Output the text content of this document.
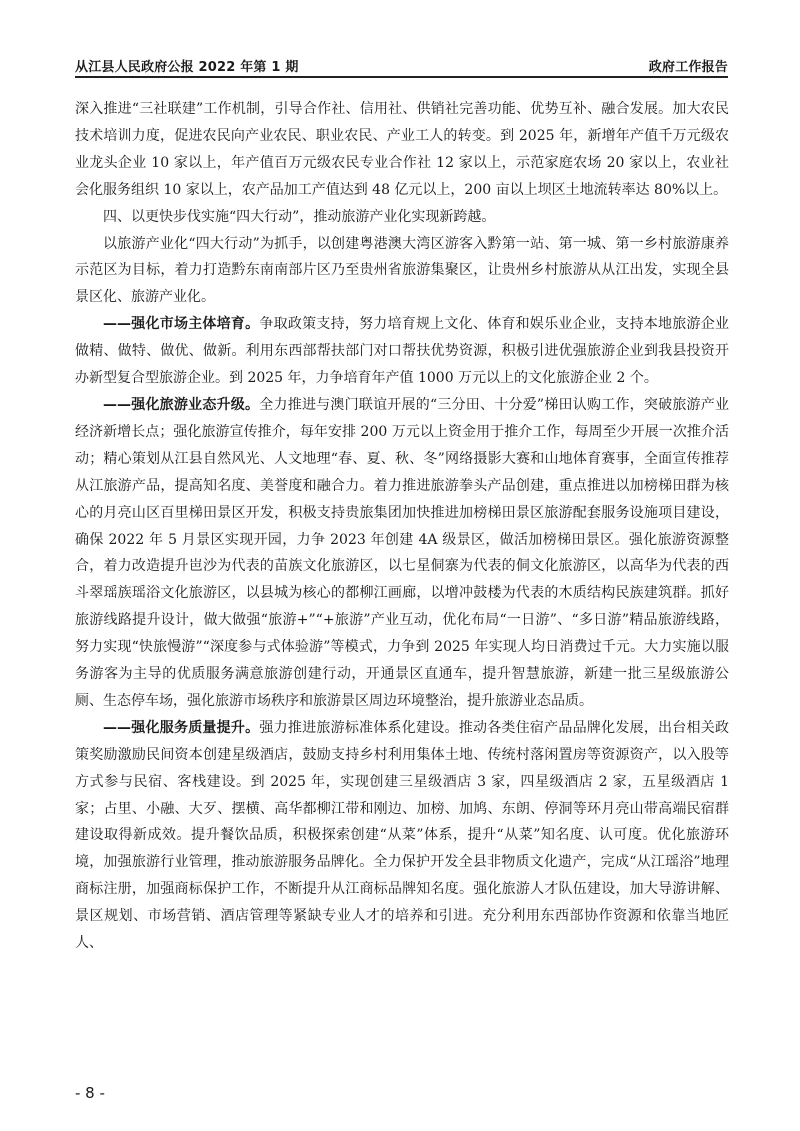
从江县人民政府公报 2022 年第 1 期	政府工作报告

深入推进“三社联建”工作机制，引导合作社、信用社、供销社完善功能、优势互补、融合发展。加大农民技术培训力度，促进农民向产业农民、职业农民、产业工人的转变。到 2025 年，新增年产值千万元级农业龙头企业 10 家以上，年产值百万元级农民专业合作社 12 家以上，示范家庭农场 20 家以上，农业社会化服务组织 10 家以上，农产品加工产值达到 48 亿元以上，200 亩以上坝区土地流转率达 80%以上。

四、以更快步伐实施“四大行动”，推动旅游产业化实现新跨越。

以旅游产业化“四大行动”为抓手，以创建粤港澳大湾区游客入黔第一站、第一城、第一乡村旅游康养示范区为目标，着力打造黔东南南部片区乃至贵州省旅游集聚区，让贵州乡村旅游从从江出发，实现全县景区化、旅游产业化。

——强化市场主体培育。争取政策支持，努力培育规上文化、体育和娱乐业企业，支持本地旅游企业做精、做特、做优、做新。利用东西部帮扶部门对口帮扶优势资源，积极引进优强旅游企业到我县投资开办新型复合型旅游企业。到 2025 年，力争培育年产值 1000 万元以上的文化旅游企业 2 个。

——强化旅游业态升级。全力推进与澳门联谊开展的“三分田、十分爱”梯田认购工作，突破旅游产业经济新增长点；强化旅游宣传推介，每年安排 200 万元以上资金用于推介工作，每周至少开展一次推介活动；精心策划从江县自然风光、人文地理“春、夏、秋、冬”网络摄影大赛和山地体育赛事，全面宣传推荐从江旅游产品，提高知名度、美誉度和融合力。着力推进旅游拳头产品创建，重点推进以加榜梯田群为核心的月亮山区百里梯田景区开发，积极支持贵旅集团加快推进加榜梯田景区旅游配套服务设施项目建设，确保 2022 年 5 月景区实现开园，力争 2023 年创建 4A 级景区，做活加榜梯田景区。强化旅游资源整合，着力改造提升岜沙为代表的苗族文化旅游区，以七星侗寨为代表的侗文化旅游区，以高华为代表的西斗翠瑶族瑶浴文化旅游区，以县城为核心的都柳江画廊，以增冲鼓楼为代表的木质结构民族建筑群。抓好旅游线路提升设计，做大做强“旅游+”“+旅游”产业互动，优化布局“一日游”、“多日游”精品旅游线路，努力实现“快旅慢游”“深度参与式体验游”等模式，力争到 2025 年实现人均日消费过千元。大力实施以服务游客为主导的优质服务满意旅游创建行动，开通景区直通车，提升智慧旅游，新建一批三星级旅游公厕、生态停车场，强化旅游市场秩序和旅游景区周边环境整治，提升旅游业态品质。

——强化服务质量提升。强力推进旅游标准体系化建设。推动各类住宿产品品牌化发展，出台相关政策奖励激励民间资本创建星级酒店，鼓励支持乡村利用集体土地、传统村落闲置房等资源资产，以入股等方式参与民宿、客栈建设。到 2025 年，实现创建三星级酒店 3 家，四星级酒店 2 家，五星级酒店 1 家；占里、小融、大歹、摆横、高华都柳江带和刚边、加榜、加鸠、东朗、停洞等环月亮山带高端民宿群建设取得新成效。提升餐饮品质，积极探索创建“从菜”体系，提升“从菜”知名度、认可度。优化旅游环境，加强旅游行业管理，推动旅游服务品牌化。全力保护开发全县非物质文化遗产，完成“从江瑶浴”地理商标注册，加强商标保护工作，不断提升从江商标品牌知名度。强化旅游人才队伍建设，加大导游讲解、景区规划、市场营销、酒店管理等紧缺专业人才的培养和引进。充分利用东西部协作资源和依靠当地匠人、

- 8 -
